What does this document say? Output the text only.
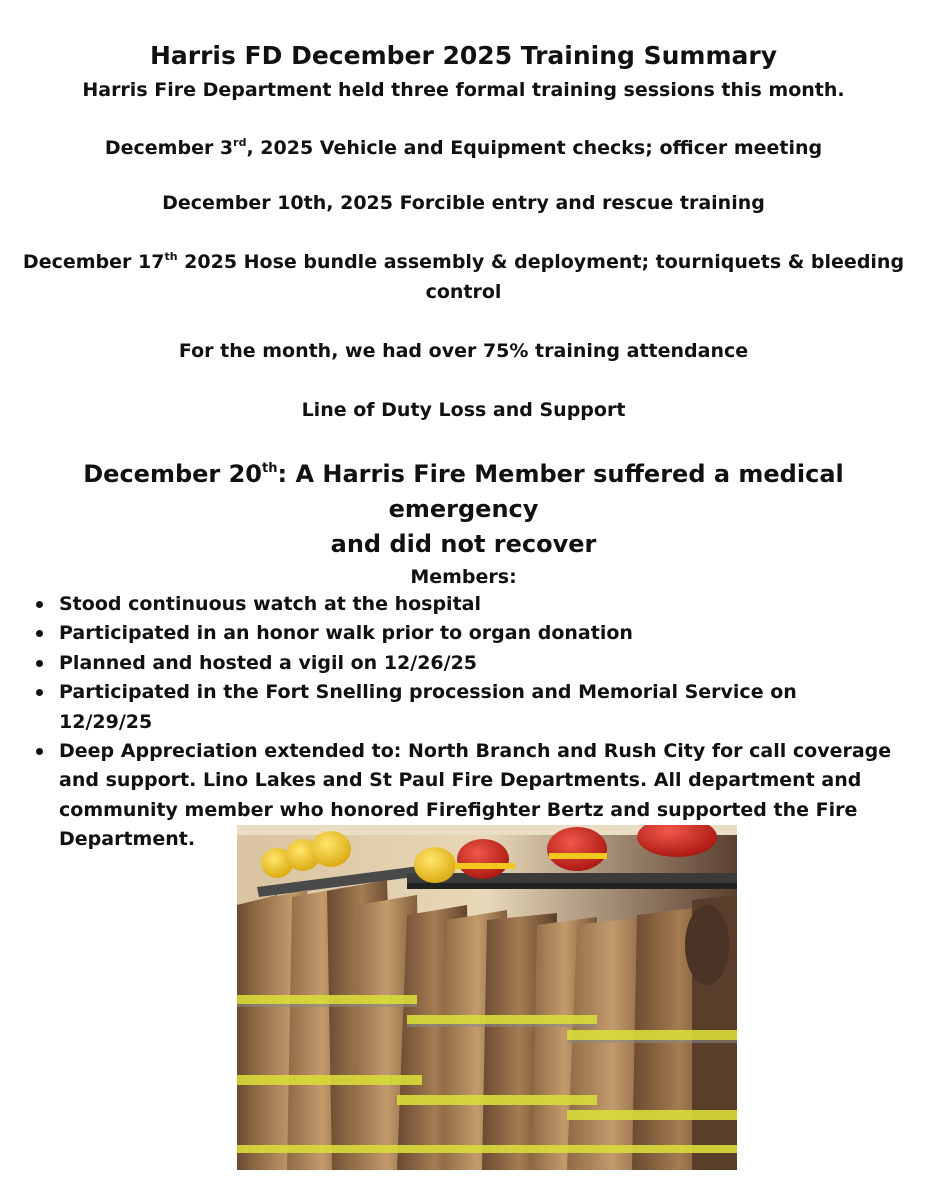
Harris FD December 2025 Training Summary
Harris Fire Department held three formal training sessions this month.
December 3rd, 2025 Vehicle and Equipment checks; officer meeting
December 10th, 2025 Forcible entry and rescue training
December 17th 2025 Hose bundle assembly & deployment; tourniquets & bleeding
control
For the month, we had over 75% training attendance
Line of Duty Loss and Support
December 20th: A Harris Fire Member suffered a medical emergency
and did not recover
Members:
Stood continuous watch at the hospital
Participated in an honor walk prior to organ donation
Planned and hosted a vigil on 12/26/25
Participated in the Fort Snelling procession and Memorial Service on 12/29/25
Deep Appreciation extended to: North Branch and Rush City for call coverage and support. Lino Lakes and St Paul Fire Departments. All department and community member who honored Firefighter Bertz and supported the Fire Department.
